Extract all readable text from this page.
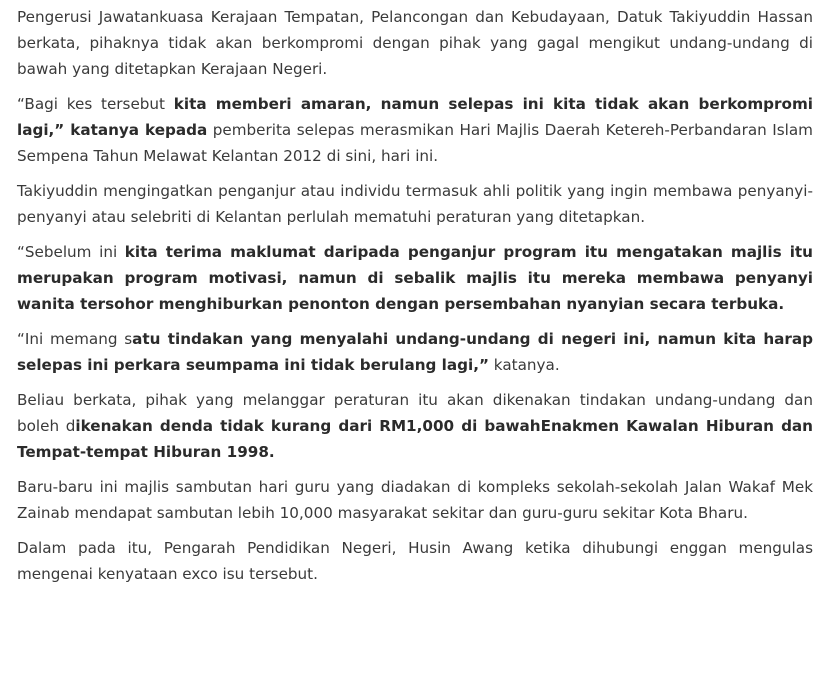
Pengerusi Jawatankuasa Kerajaan Tempatan, Pelancongan dan Kebudayaan, Datuk Takiyuddin Hassan berkata, pihaknya tidak akan berkompromi dengan pihak yang gagal mengikut undang-undang di bawah yang ditetapkan Kerajaan Negeri.

“Bagi kes tersebut kita memberi amaran, namun selepas ini kita tidak akan berkompromi lagi,” katanya kepada pemberita selepas merasmikan Hari Majlis Daerah Ketereh-Perbandaran Islam Sempena Tahun Melawat Kelantan 2012 di sini, hari ini.

Takiyuddin mengingatkan penganjur atau individu termasuk ahli politik yang ingin membawa penyanyi-penyanyi atau selebriti di Kelantan perlulah mematuhi peraturan yang ditetapkan.

“Sebelum ini kita terima maklumat daripada penganjur program itu mengatakan majlis itu merupakan program motivasi, namun di sebalik majlis itu mereka membawa penyanyi wanita tersohor menghiburkan penonton dengan persembahan nyanyian secara terbuka.

“Ini memang satu tindakan yang menyalahi undang-undang di negeri ini, namun kita harap selepas ini perkara seumpama ini tidak berulang lagi,” katanya.

Beliau berkata, pihak yang melanggar peraturan itu akan dikenakan tindakan undang-undang dan boleh dikenakan denda tidak kurang dari RM1,000 di bawahEnakmen Kawalan Hiburan dan Tempat-tempat Hiburan 1998.

Baru-baru ini majlis sambutan hari guru yang diadakan di kompleks sekolah-sekolah Jalan Wakaf Mek Zainab mendapat sambutan lebih 10,000 masyarakat sekitar dan guru-guru sekitar Kota Bharu.

Dalam pada itu, Pengarah Pendidikan Negeri, Husin Awang ketika dihubungi enggan mengulas mengenai kenyataan exco isu tersebut.
